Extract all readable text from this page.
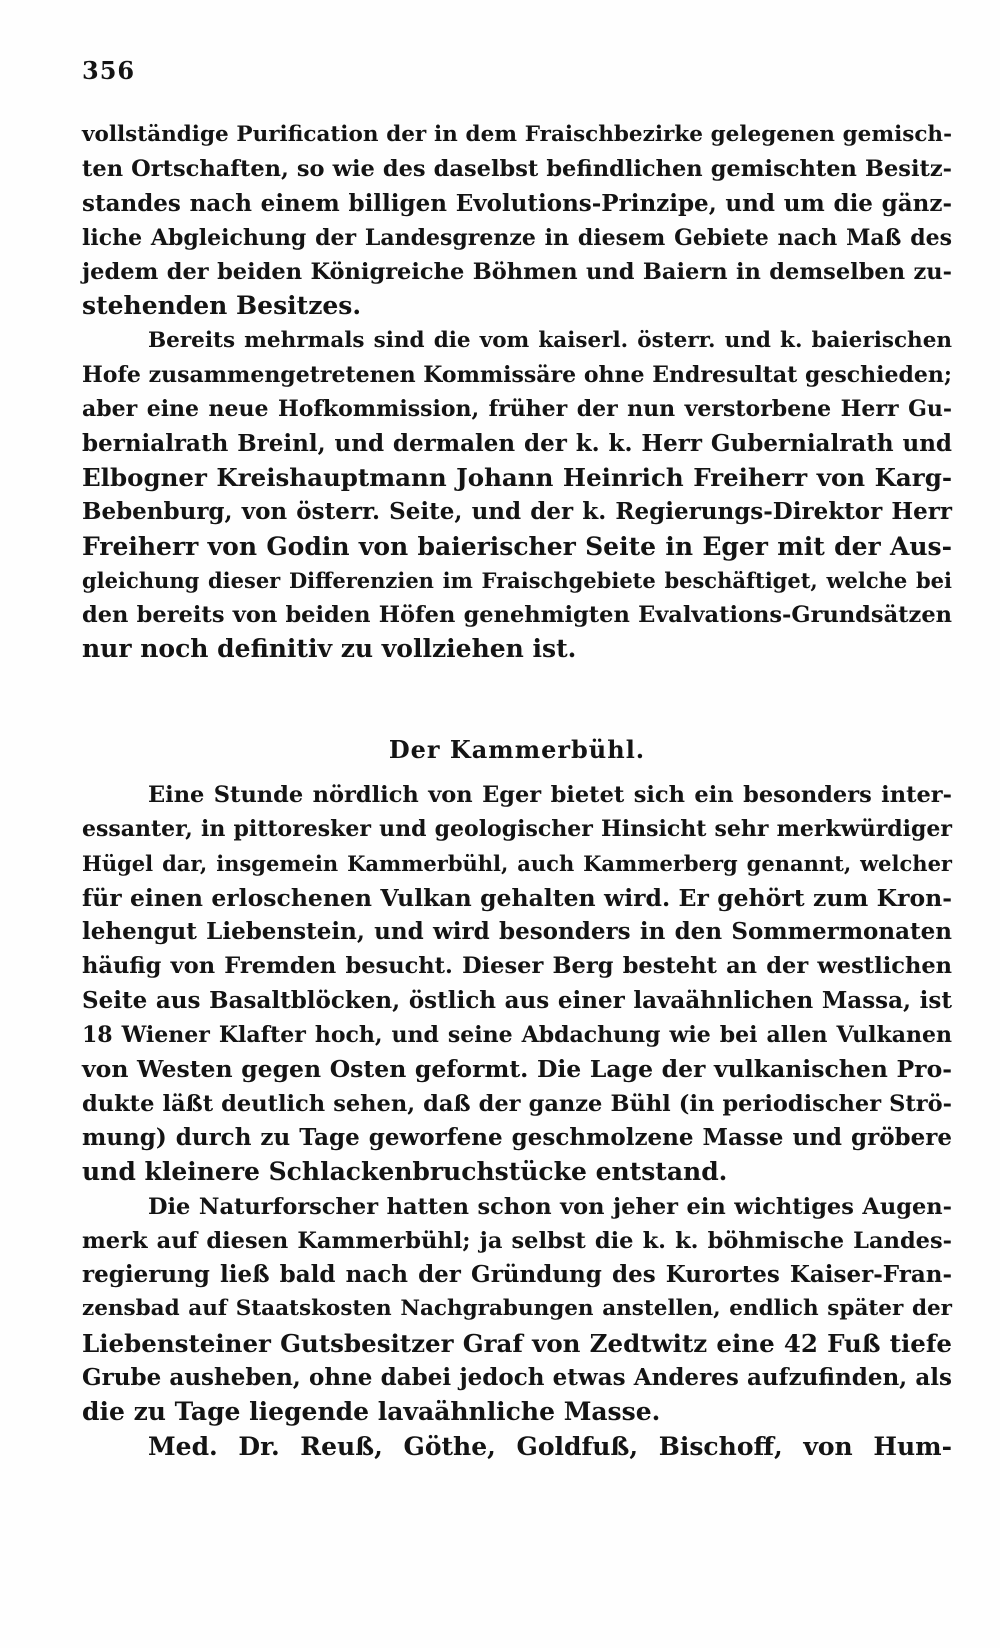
356
vollständige Purification der in dem Fraischbezirke gelegenen gemisch-
ten Ortschaften, so wie des daselbst befindlichen gemischten Besitz-
standes nach einem billigen Evolutions-Prinzipe, und um die gänz-
liche Abgleichung der Landesgrenze in diesem Gebiete nach Maß des
jedem der beiden Königreiche Böhmen und Baiern in demselben zu-
stehenden Besitzes.
Bereits mehrmals sind die vom kaiserl. österr. und k. baierischen
Hofe zusammengetretenen Kommissäre ohne Endresultat geschieden;
aber eine neue Hofkommission, früher der nun verstorbene Herr Gu-
bernialrath Breinl, und dermalen der k. k. Herr Gubernialrath und
Elbogner Kreishauptmann Johann Heinrich Freiherr von Karg-
Bebenburg, von österr. Seite, und der k. Regierungs-Direktor Herr
Freiherr von Godin von baierischer Seite in Eger mit der Aus-
gleichung dieser Differenzien im Fraischgebiete beschäftiget, welche bei
den bereits von beiden Höfen genehmigten Evalvations-Grundsätzen
nur noch definitiv zu vollziehen ist.
Der Kammerbühl.
Eine Stunde nördlich von Eger bietet sich ein besonders inter-
essanter, in pittoresker und geologischer Hinsicht sehr merkwürdiger
Hügel dar, insgemein Kammerbühl, auch Kammerberg genannt, welcher
für einen erloschenen Vulkan gehalten wird. Er gehört zum Kron-
lehengut Liebenstein, und wird besonders in den Sommermonaten
häufig von Fremden besucht. Dieser Berg besteht an der westlichen
Seite aus Basaltblöcken, östlich aus einer lavaähnlichen Massa, ist
18 Wiener Klafter hoch, und seine Abdachung wie bei allen Vulkanen
von Westen gegen Osten geformt. Die Lage der vulkanischen Pro-
dukte läßt deutlich sehen, daß der ganze Bühl (in periodischer Strö-
mung) durch zu Tage geworfene geschmolzene Masse und gröbere
und kleinere Schlackenbruchstücke entstand.
Die Naturforscher hatten schon von jeher ein wichtiges Augen-
merk auf diesen Kammerbühl; ja selbst die k. k. böhmische Landes-
regierung ließ bald nach der Gründung des Kurortes Kaiser-Fran-
zensbad auf Staatskosten Nachgrabungen anstellen, endlich später der
Liebensteiner Gutsbesitzer Graf von Zedtwitz eine 42 Fuß tiefe
Grube ausheben, ohne dabei jedoch etwas Anderes aufzufinden, als
die zu Tage liegende lavaähnliche Masse.
Med. Dr. Reuß, Göthe, Goldfuß, Bischoff, von Hum-
